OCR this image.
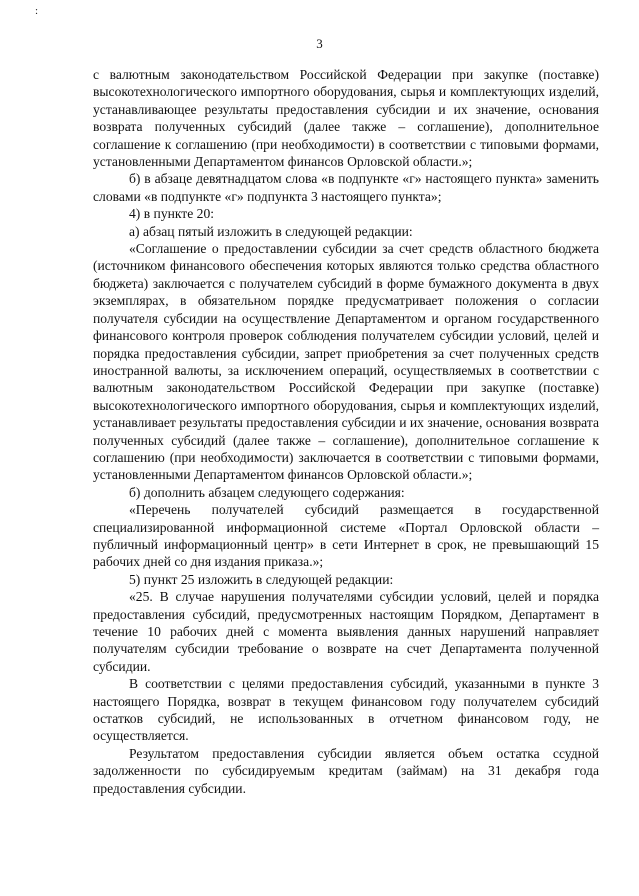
:
3

с валютным законодательством Российской Федерации при закупке (поставке) высокотехнологического импортного оборудования, сырья и комплектующих изделий, устанавливающее результаты предоставления субсидии и их значение, основания возврата полученных субсидий (далее также – соглашение), дополнительное соглашение к соглашению (при необходимости) в соответствии с типовыми формами, установленными Департаментом финансов Орловской области.»;

б) в абзаце девятнадцатом слова «в подпункте «г» настоящего пункта» заменить словами «в подпункте «г» подпункта 3 настоящего пункта»;

4) в пункте 20:

а) абзац пятый изложить в следующей редакции:

«Соглашение о предоставлении субсидии за счет средств областного бюджета (источником финансового обеспечения которых являются только средства областного бюджета) заключается с получателем субсидий в форме бумажного документа в двух экземплярах, в обязательном порядке предусматривает положения о согласии получателя субсидии на осуществление Департаментом и органом государственного финансового контроля проверок соблюдения получателем субсидии условий, целей и порядка предоставления субсидии, запрет приобретения за счет полученных средств иностранной валюты, за исключением операций, осуществляемых в соответствии с валютным законодательством Российской Федерации при закупке (поставке) высокотехнологического импортного оборудования, сырья и комплектующих изделий, устанавливает результаты предоставления субсидии и их значение, основания возврата полученных субсидий (далее также – соглашение), дополнительное соглашение к соглашению (при необходимости) заключается в соответствии с типовыми формами, установленными Департаментом финансов Орловской области.»;

б) дополнить абзацем следующего содержания:

«Перечень получателей субсидий размещается в государственной специализированной информационной системе «Портал Орловской области – публичный информационный центр» в сети Интернет в срок, не превышающий 15 рабочих дней со дня издания приказа.»;

5) пункт 25 изложить в следующей редакции:

«25. В случае нарушения получателями субсидии условий, целей и порядка предоставления субсидий, предусмотренных настоящим Порядком, Департамент в течение 10 рабочих дней с момента выявления данных нарушений направляет получателям субсидии требование о возврате на счет Департамента полученной субсидии.

В соответствии с целями предоставления субсидий, указанными в пункте 3 настоящего Порядка, возврат в текущем финансовом году получателем субсидий остатков субсидий, не использованных в отчетном финансовом году, не осуществляется.

Результатом предоставления субсидии является объем остатка ссудной задолженности по субсидируемым кредитам (займам) на 31 декабря года предоставления субсидии.
